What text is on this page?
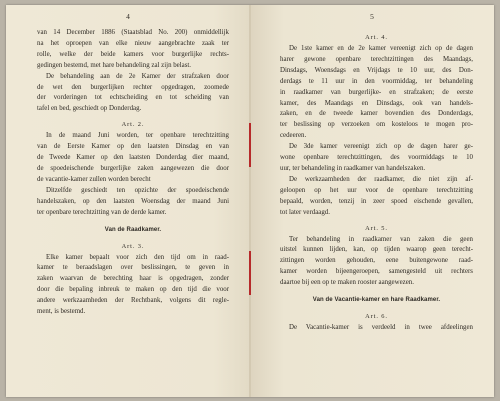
4
van 14 December 1886 (Staatsblad No. 200) onmiddellijk
na het oproepen van elke nieuw aangebrachte zaak ter
rolle, welke der beide kamers voor burgerlijke rechts-
gedingen bestemd, met hare behandeling zal zijn belast.
De behandeling aan de 2e Kamer der strafzaken door
de wet den burgerlijken rechter opgedragen, zoomede
der vorderingen tot echtscheiding en tot scheiding van
tafel en bed, geschiedt op Donderdag.
Art. 2.
In de maand Juni worden, ter openbare terechtzitting
van de Eerste Kamer op den laatsten Dinsdag en van
de Tweede Kamer op den laatsten Donderdag dier maand,
de spoedeischende burgerlijke zaken aangewezen die door
de vacantie-kamer zullen worden berecht
Ditzelfde geschiedt ten opzichte der spoedeischende
handelszaken, op den laatsten Woensdag der maand Juni
ter openbare terechtzitting van de derde kamer.
Van de Raadkamer.
Art. 3.
Elke kamer bepaalt voor zich den tijd om in raad-
kamer te beraadslagen over beslissingen, te geven in
zaken waarvan de berechting haar is opgedragen, zonder
door die bepaling inbreuk te maken op den tijd die voor
andere werkzaamheden der Rechtbank, volgens dit regle-
ment, is bestemd.
5
Art. 4.
De 1ste kamer en de 2e kamer vereenigt zich op de dagen
harer gewone openbare terechtzittingen des Maandags,
Dinsdags, Woensdags en Vrijdags te 10 uur, des Don-
derdags te 11 uur in den voormiddag, ter behandeling
in raadkamer van burgerlijke- en strafzaken; de eerste
kamer, des Maandags en Dinsdags, ook van handels-
zaken, en de tweede kamer bovendien des Donderdags,
ter beslissing op verzoeken om kosteloos te mogen pro-
cedeeren.
De 3de kamer vereenigt zich op de dagen harer ge-
wone openbare terechtzittingen, des voormiddags te 10
uur, ter behandeling in raadkamer van handelszaken.
De werkzaamheden der raadkamer, die niet zijn af-
geloopen op het uur voor de openbare terechtzitting
bepaald, worden, tenzij in zeer spoed eischende gevallen,
tot later verdaagd.
Art. 5.
Ter behandeling in raadkamer van zaken die geen
uitstel kunnen lijden, kan, op tijden waarop geen terecht-
zittingen worden gehouden, eene buitengewone raad-
kamer worden bijeengeroepen, samengesteld uit rechters
daartoe bij een op te maken rooster aangewezen.
Van de Vacantie-kamer en hare Raadkamer.
Art. 6.
De Vacantie-kamer is verdeeld in twee afdeelingen
